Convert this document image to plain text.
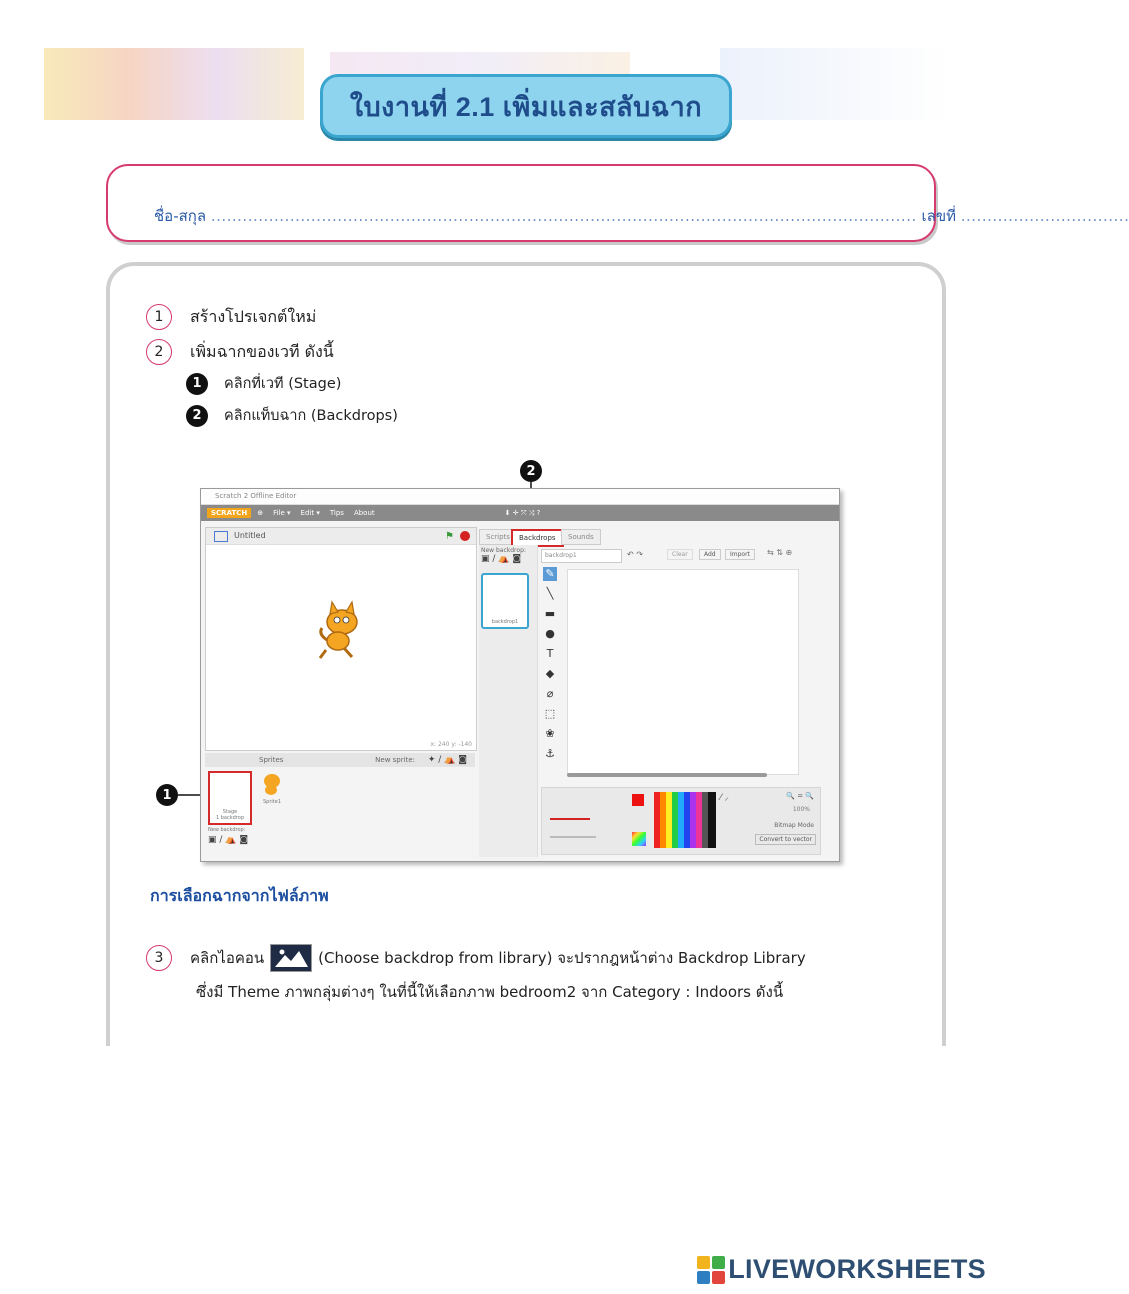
ใบงานที่ 2.1 เพิ่มและสลับฉาก
ชื่อ-สกุล ...................................................................................................................................... เลขที่ ................................
1	สร้างโปรเจกต์ใหม่
2	เพิ่มฉากของเวที ดังนี้
1	คลิกที่เวที (Stage)
2	คลิกแท็บฉาก (Backdrops)
2
1
Scratch 2 Offline Editor
SCRATCH	⊕ File ▾ Edit ▾ Tips About	⬇ ✛ ⤧ ⤨ ?
Untitled	⚑
x: 240 y: -140
Sprites	New sprite: ✦ / ⛺ ◙
Stage
1 backdrop
Sprite1
New backdrop:
▣ / ⛺ ◙
Scripts	Backdrops	Sounds
New backdrop:
▣ / ⛺ ◙
backdrop1
backdrop1	↶ ↷	Clear	Add	Import	⇆ ⇅ ⊕
✎
╲
▬
●
T
◆
⌀
⬚
❀
⚓
⁄ ⸝	🔍 = 🔍
100%
Bitmap Mode
Convert to vector
การเลือกฉากจากไฟล์ภาพ
3	คลิกไอคอน	(Choose backdrop from library) จะปรากฎหน้าต่าง Backdrop Library
ซึ่งมี Theme ภาพกลุ่มต่างๆ ในที่นี้ให้เลือกภาพ bedroom2 จาก Category : Indoors ดังนี้
LIVEWORKSHEETS
